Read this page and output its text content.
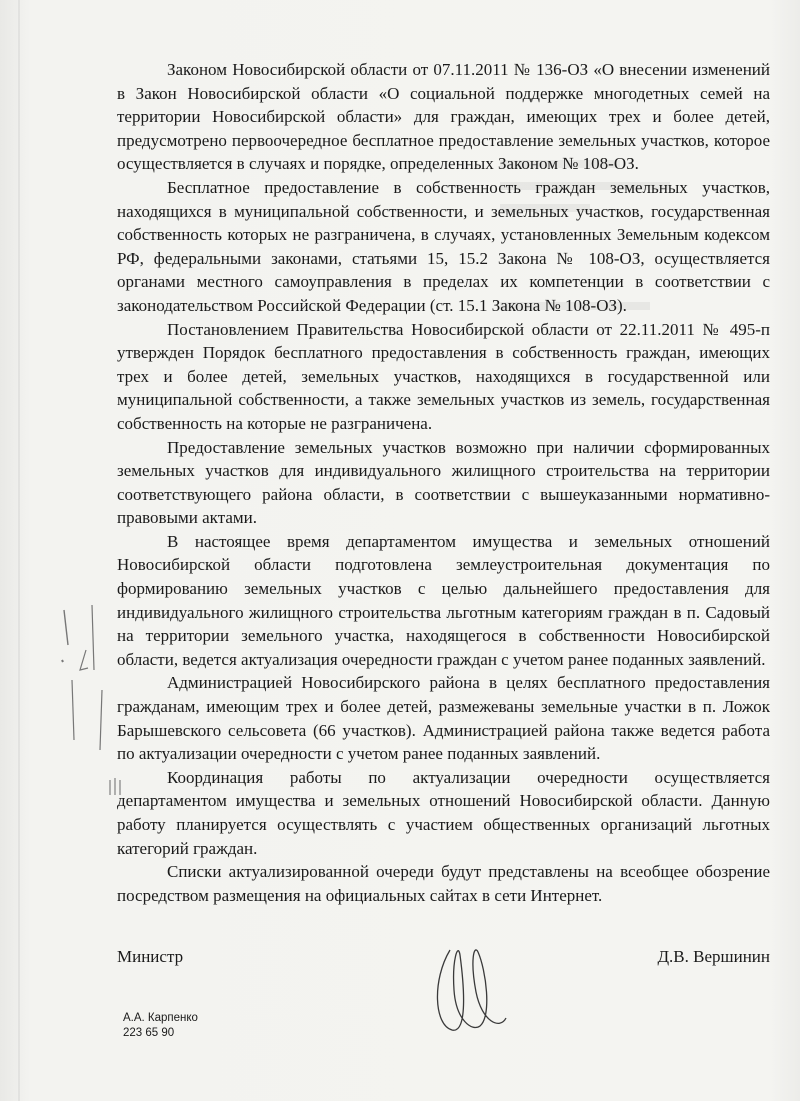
Законом Новосибирской области от 07.11.2011 № 136-ОЗ «О внесении изменений в Закон Новосибирской области «О социальной поддержке многодетных семей на территории Новосибирской области» для граждан, имеющих трех и более детей, предусмотрено первоочередное бесплатное предоставление земельных участков, которое осуществляется в случаях и порядке, определенных Законом № 108-ОЗ.

Бесплатное предоставление в собственность граждан земельных участков, находящихся в муниципальной собственности, и земельных участков, государственная собственность которых не разграничена, в случаях, установленных Земельным кодексом РФ, федеральными законами, статьями 15, 15.2 Закона № 108-ОЗ, осуществляется органами местного самоуправления в пределах их компетенции в соответствии с законодательством Российской Федерации (ст. 15.1 Закона № 108-ОЗ).

Постановлением Правительства Новосибирской области от 22.11.2011 № 495-п утвержден Порядок бесплатного предоставления в собственность граждан, имеющих трех и более детей, земельных участков, находящихся в государственной или муниципальной собственности, а также земельных участков из земель, государственная собственность на которые не разграничена.

Предоставление земельных участков возможно при наличии сформированных земельных участков для индивидуального жилищного строительства на территории соответствующего района области, в соответствии с вышеуказанными нормативно-правовыми актами.

В настоящее время департаментом имущества и земельных отношений Новосибирской области подготовлена землеустроительная документация по формированию земельных участков с целью дальнейшего предоставления для индивидуального жилищного строительства льготным категориям граждан в п. Садовый на территории земельного участка, находящегося в собственности Новосибирской области, ведется актуализация очередности граждан с учетом ранее поданных заявлений.

Администрацией Новосибирского района в целях бесплатного предоставления гражданам, имеющим трех и более детей, размежеваны земельные участки в п. Ложок Барышевского сельсовета (66 участков). Администрацией района также ведется работа по актуализации очередности с учетом ранее поданных заявлений.

Координация работы по актуализации очередности осуществляется департаментом имущества и земельных отношений Новосибирской области. Данную работу планируется осуществлять с участием общественных организаций льготных категорий граждан.

Списки актуализированной очереди будут представлены на всеобщее обозрение посредством размещения на официальных сайтах в сети Интернет.

Министр	Д.В. Вершинин
А.А. Карпенко
223 65 90
